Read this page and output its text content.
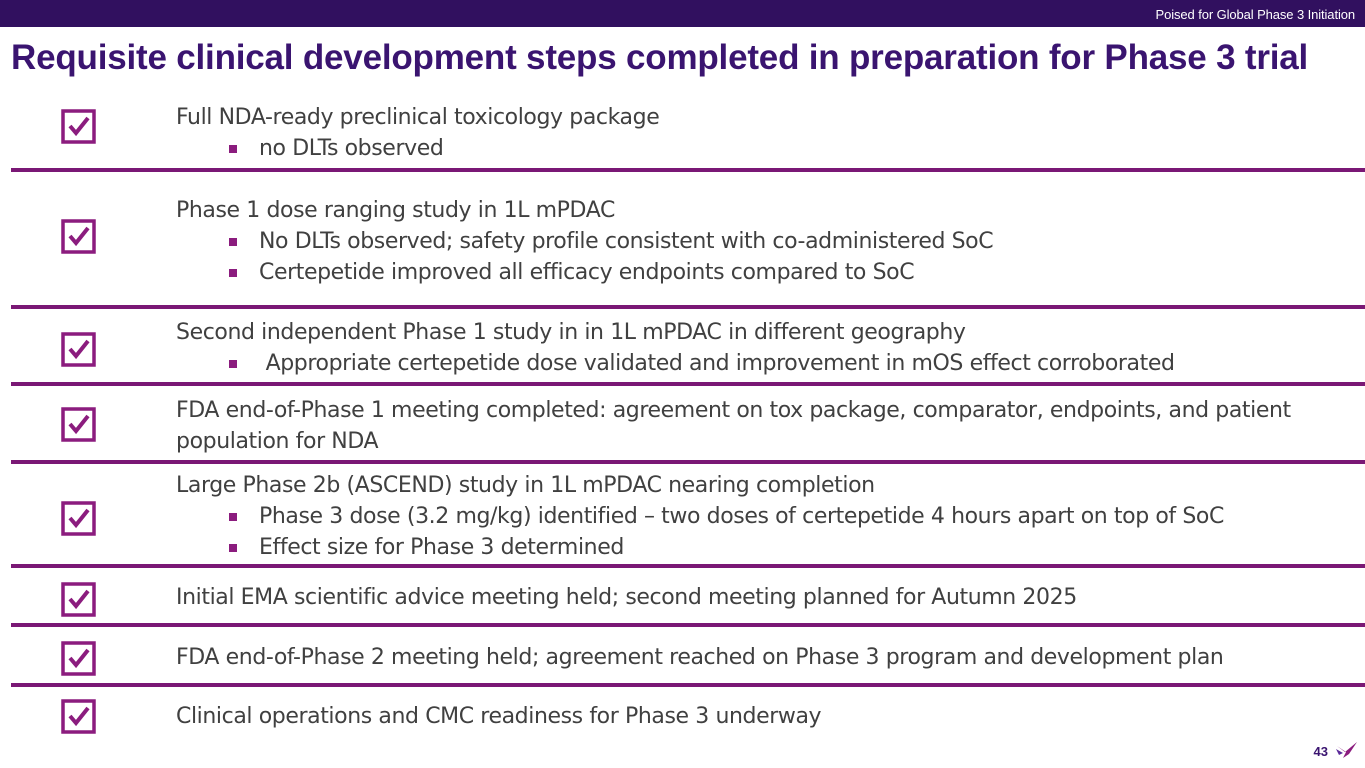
Poised for Global Phase 3 Initiation
Requisite clinical development steps completed in preparation for Phase 3 trial
Full NDA-ready preclinical toxicology package
no DLTs observed
Phase 1 dose ranging study in 1L mPDAC
No DLTs observed; safety profile consistent with co-administered SoC
Certepetide improved all efficacy endpoints compared to SoC
Second independent Phase 1 study in in 1L mPDAC in different geography
Appropriate certepetide dose validated and improvement in mOS effect corroborated
FDA end-of-Phase 1 meeting completed: agreement on tox package, comparator, endpoints, and patient population for NDA
Large Phase 2b (ASCEND) study in 1L mPDAC nearing completion
Phase 3 dose (3.2 mg/kg) identified – two doses of certepetide 4 hours apart on top of SoC
Effect size for Phase 3 determined
Initial EMA scientific advice meeting held; second meeting planned for Autumn 2025
FDA end-of-Phase 2 meeting held; agreement reached on Phase 3 program and development plan
Clinical operations and CMC readiness for Phase 3 underway
43
